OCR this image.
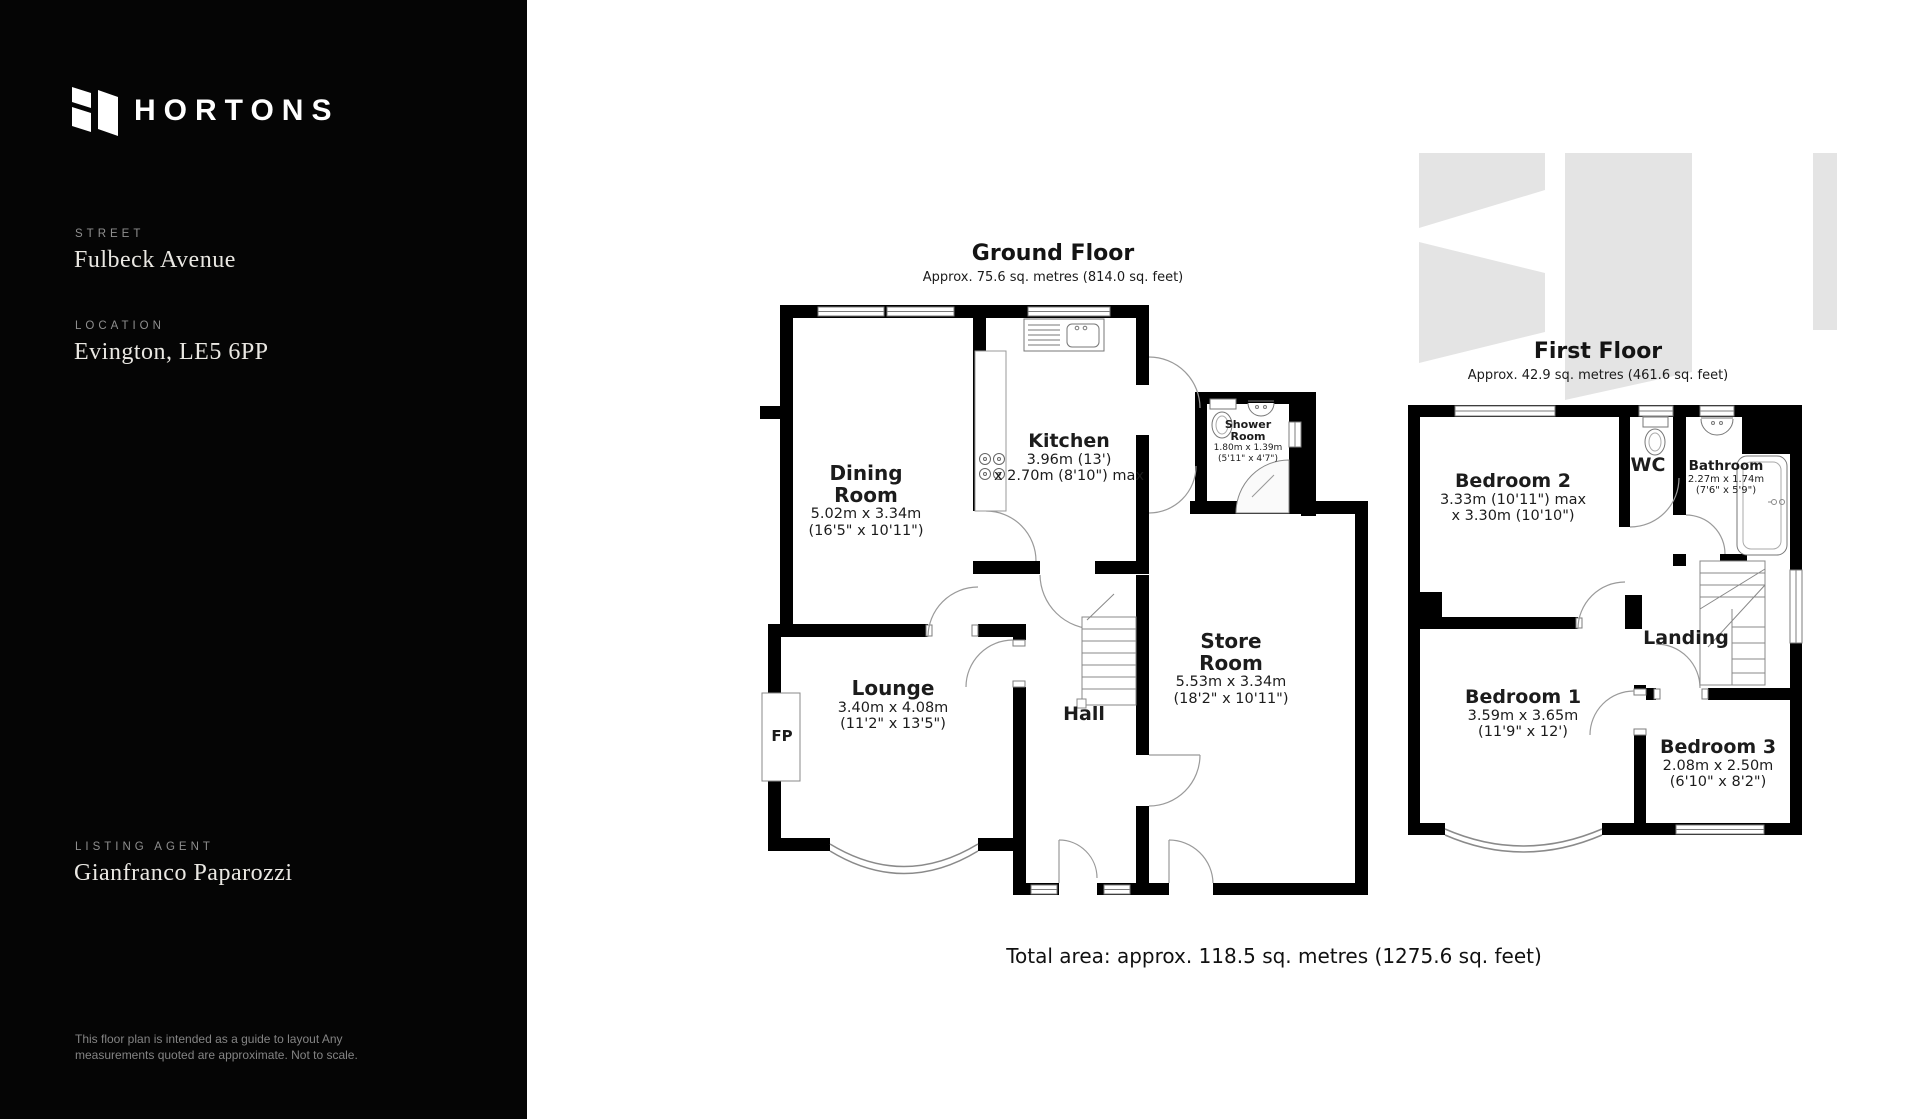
HORTONS
STREET
Fulbeck Avenue
LOCATION
Evington, LE5 6PP
LISTING AGENT
Gianfranco Paparozzi
This floor plan is intended as a guide to layout Any
measurements quoted are approximate. Not to scale.
Ground Floor
Approx. 75.6 sq. metres (814.0 sq. feet)
First Floor
Approx. 42.9 sq. metres (461.6 sq. feet)
Dining
Room
5.02m x 3.34m
(16'5" x 10'11")
Kitchen
3.96m (13')
x 2.70m (8'10") max
Shower
Room
1.80m x 1.39m
(5'11" x 4'7")
Lounge
3.40m x 4.08m
(11'2" x 13'5")	Hall
Store
Room
5.53m x 3.34m
(18'2" x 10'11")
FP
Bedroom 2
3.33m (10'11") max
x 3.30m (10'10")
WC Bathroom
2.27m x 1.74m
(7'6" x 5'9")
Landing
Bedroom 1
3.59m x 3.65m
(11'9" x 12')
Bedroom 3
2.08m x 2.50m
(6'10" x 8'2")
Total area: approx. 118.5 sq. metres (1275.6 sq. feet)
